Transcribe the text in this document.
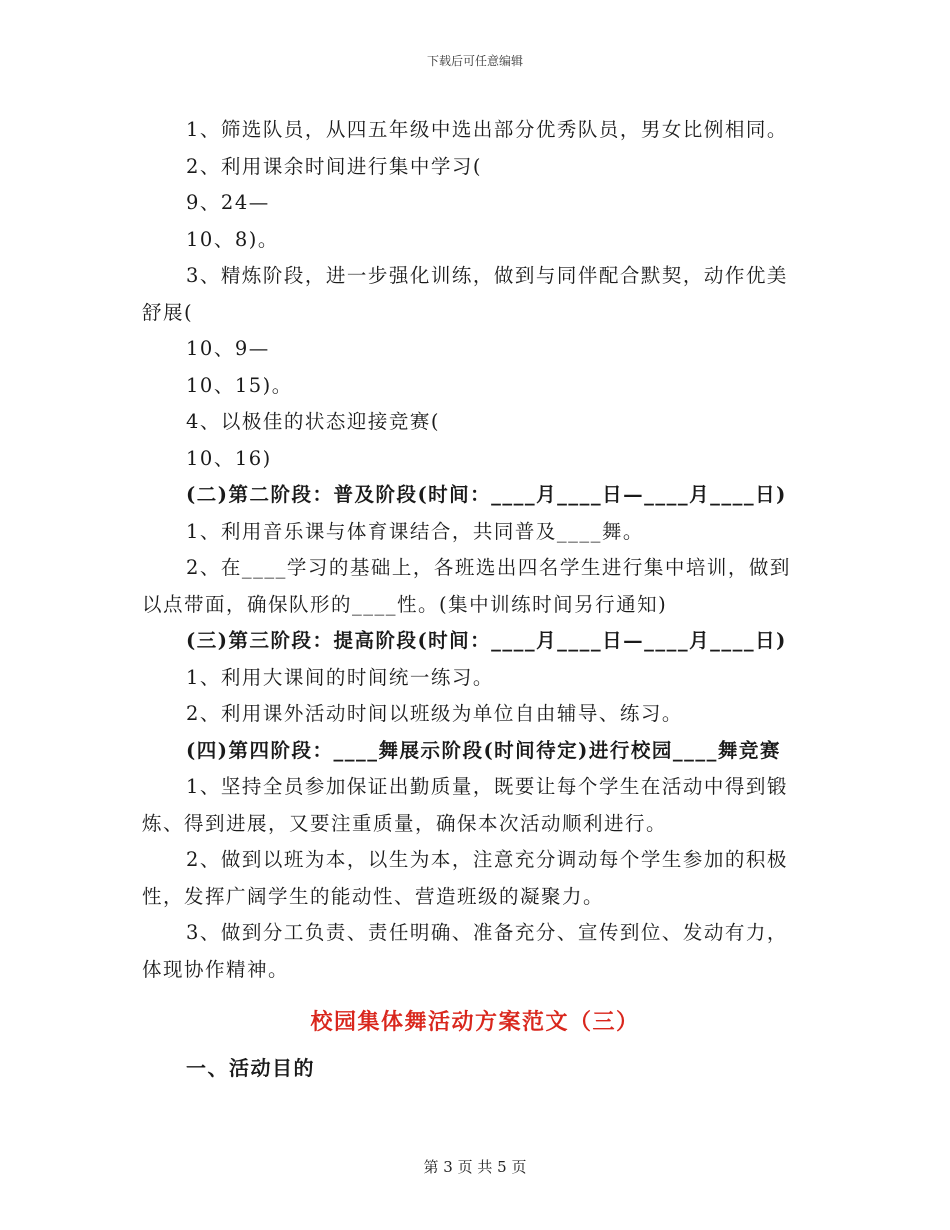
下载后可任意编辑

1、筛选队员，从四五年级中选出部分优秀队员，男女比例相同。

2、利用课余时间进行集中学习(

9、24—

10、8)。

3、精炼阶段，进一步强化训练，做到与同伴配合默契，动作优美

舒展(

10、9—

10、15)。

4、以极佳的状态迎接竞赛(

10、16)

(二)第二阶段：普及阶段(时间：____月____日—____月____日)

1、利用音乐课与体育课结合，共同普及____舞。

2、在____学习的基础上，各班选出四名学生进行集中培训，做到

以点带面，确保队形的____性。(集中训练时间另行通知)

(三)第三阶段：提高阶段(时间：____月____日—____月____日)

1、利用大课间的时间统一练习。

2、利用课外活动时间以班级为单位自由辅导、练习。

(四)第四阶段：____舞展示阶段(时间待定)进行校园____舞竞赛

1、坚持全员参加保证出勤质量，既要让每个学生在活动中得到锻

炼、得到进展，又要注重质量，确保本次活动顺利进行。

2、做到以班为本，以生为本，注意充分调动每个学生参加的积极

性，发挥广阔学生的能动性、营造班级的凝聚力。

3、做到分工负责、责任明确、准备充分、宣传到位、发动有力，

体现协作精神。

校园集体舞活动方案范文（三）
一、活动目的
第 3 页 共 5 页
